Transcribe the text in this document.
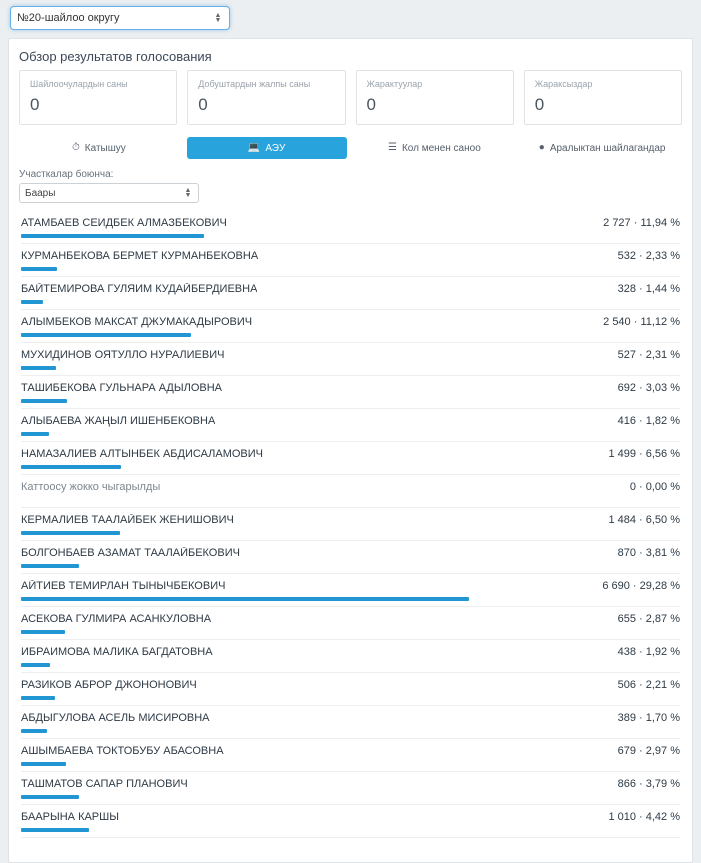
№20-шайлоо округу	▲
▼
Обзор результатов голосования
Шайлоочулардын саны
0
Добуштардын жалпы саны
0
Жарактуулар
0
Жараксыздар
0
⏱ Катышуу	💻 АЭУ	☰ Кол менен саноо	● Аралыктан шайлагандар
Участкалар боюнча:
Баары	▲
▼
АТАМБАЕВ СЕИДБЕК АЛМАЗБЕКОВИЧ	2 727 · 11,94 %
КУРМАНБЕКОВА БЕРМЕТ КУРМАНБЕКОВНА	532 · 2,33 %
БАЙТЕМИРОВА ГУЛЯИМ КУДАЙБЕРДИЕВНА	328 · 1,44 %
АЛЫМБЕКОВ МАКСАТ ДЖУМАКАДЫРОВИЧ	2 540 · 11,12 %
МУХИДИНОВ ОЯТУЛЛО НУРАЛИЕВИЧ	527 · 2,31 %
ТАШИБЕКОВА ГУЛЬНАРА АДЫЛОВНА	692 · 3,03 %
АЛЫБАЕВА ЖАҢЫЛ ИШЕНБЕКОВНА	416 · 1,82 %
НАМАЗАЛИЕВ АЛТЫНБЕК АБДИСАЛАМОВИЧ	1 499 · 6,56 %
Каттоосу жокко чыгарылды	0 · 0,00 %
КЕРМАЛИЕВ ТААЛАЙБЕК ЖЕНИШОВИЧ	1 484 · 6,50 %
БОЛГОНБАЕВ АЗАМАТ ТААЛАЙБЕКОВИЧ	870 · 3,81 %
АЙТИЕВ ТЕМИРЛАН ТЫНЫЧБЕКОВИЧ	6 690 · 29,28 %
АСЕКОВА ГУЛМИРА АСАНКУЛОВНА	655 · 2,87 %
ИБРАИМОВА МАЛИКА БАГДАТОВНА	438 · 1,92 %
РАЗИКОВ АБРОР ДЖОНОНОВИЧ	506 · 2,21 %
АБДЫГУЛОВА АСЕЛЬ МИСИРОВНА	389 · 1,70 %
АШЫМБАЕВА ТОКТОБУБУ АБАСОВНА	679 · 2,97 %
ТАШМАТОВ САПАР ПЛАНОВИЧ	866 · 3,79 %
БААРЫНА КАРШЫ	1 010 · 4,42 %
